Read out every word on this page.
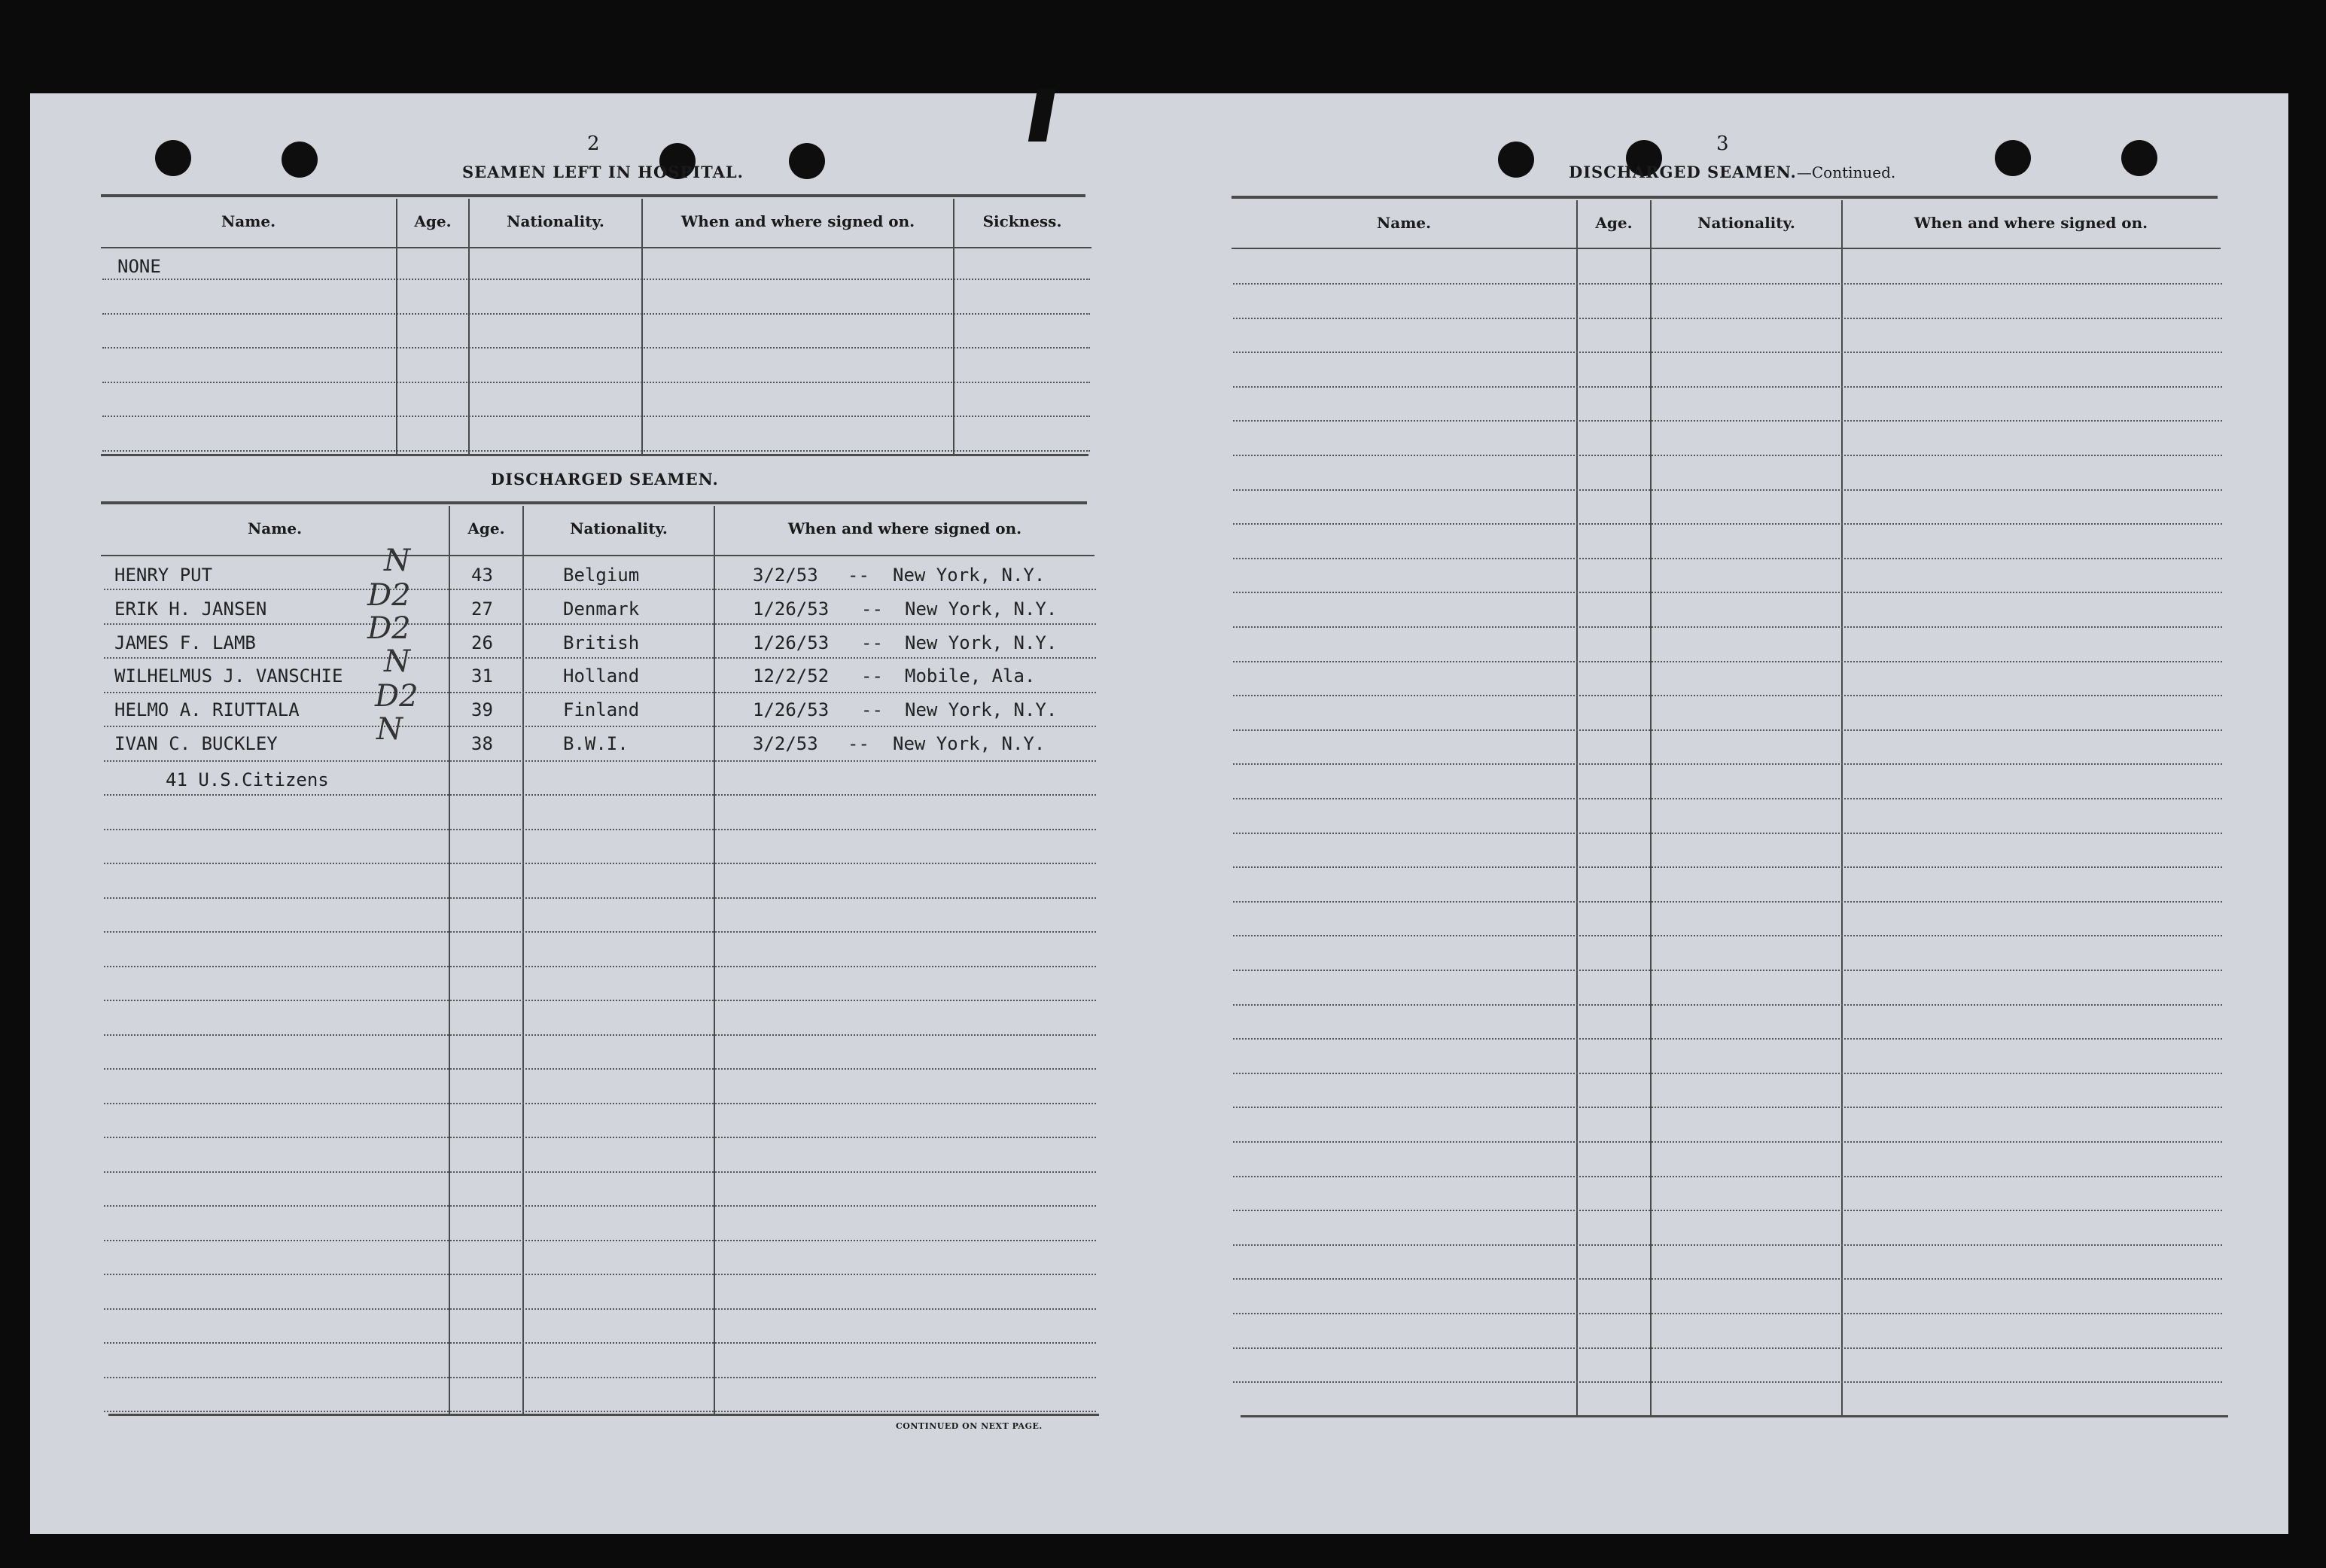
2
SEAMEN LEFT IN HOSPITAL.
Name.	Age.	Nationality.	When and where signed on.	Sickness.
NONE
DISCHARGED SEAMEN.
Name.	Age.	Nationality.	When and where signed on.
HENRY PUT	N	43	Belgium	3/2/53 -- New York, N.Y.
ERIK H. JANSEN	D2	27	Denmark	1/26/53 -- New York, N.Y.
JAMES F. LAMB	D2	26	British	1/26/53 -- New York, N.Y.
WILHELMUS J. VANSCHIE N	31	Holland	12/2/52 -- Mobile, Ala.
HELMO A. RIUTTALA	D2	39	Finland	1/26/53 -- New York, N.Y.
IVAN C. BUCKLEY	N	38	B.W.I.	3/2/53 -- New York, N.Y.
41 U.S.Citizens
CONTINUED ON NEXT PAGE.
3
DISCHARGED SEAMEN.—Continued.
Name.	Age.	Nationality.	When and where signed on.
